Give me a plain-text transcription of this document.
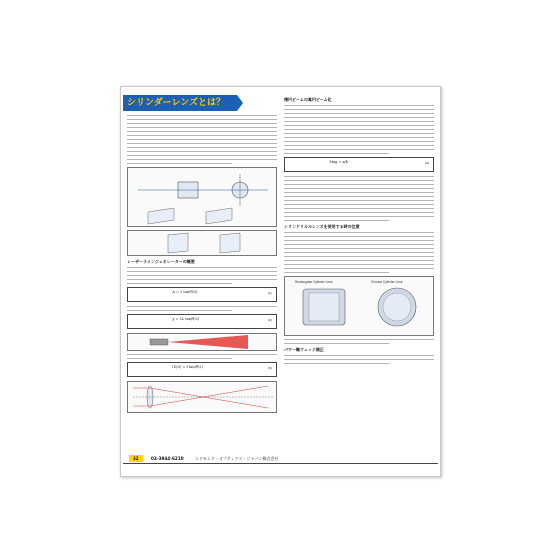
シリンダーレンズとは？
レーザーラインジェネレーターの概要
A = 2 tan(θ/2)	(1)
y = 2L tan(θ/2)	(2)
(D/2) = f tan(θ/2)	(3)
楕円ビームの真円ビーム化
Mag = a/b	(4)
シリンドリカルレンズを使用する時の注意
Rectangular Cylinder Lens	Circular Cylinder Lens
パワー軸ウェッジ補正
32	03-3944-6210	エドモンド・オプティクス・ジャパン株式会社
